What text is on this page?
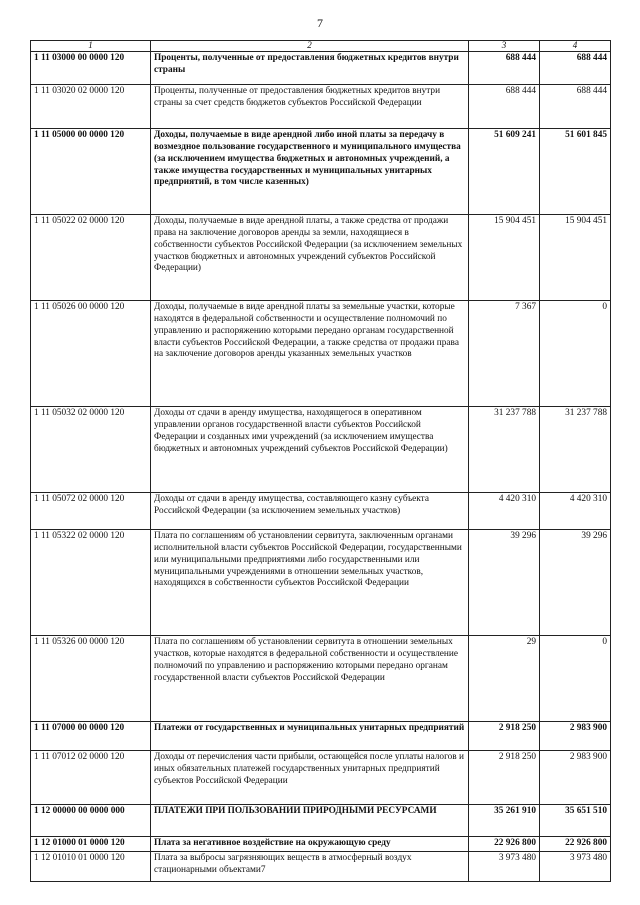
7
1	2	3	4
1 11 03000 00 0000 120	Проценты, полученные от предоставления бюджетных кредитов внутри страны	688 444	688 444
1 11 03020 02 0000 120	Проценты, полученные от предоставления бюджетных кредитов внутри страны за счет средств бюджетов субъектов Российской Федерации	688 444	688 444
1 11 05000 00 0000 120	Доходы, получаемые в виде арендной либо иной платы за передачу в возмездное пользование государственного и муниципального имущества (за исключением имущества бюджетных и автономных учреждений, а также имущества государственных и муниципальных унитарных предприятий, в том числе казенных)	51 609 241	51 601 845
1 11 05022 02 0000 120	Доходы, получаемые в виде арендной платы, а также средства от продажи права на заключение договоров аренды за земли, находящиеся в собственности субъектов Российской Федерации (за исключением земельных участков бюджетных и автономных учреждений субъектов Российской Федерации)	15 904 451	15 904 451
1 11 05026 00 0000 120	Доходы, получаемые в виде арендной платы за земельные участки, которые находятся в федеральной собственности и осуществление полномочий по управлению и распоряжению которыми передано органам государственной власти субъектов Российской Федерации, а также средства от продажи права на заключение договоров аренды указанных земельных участков	7 367	0
1 11 05032 02 0000 120	Доходы от сдачи в аренду имущества, находящегося в оперативном управлении органов государственной власти субъектов Российской Федерации и созданных ими учреждений (за исключением имущества бюджетных и автономных учреждений субъектов Российской Федерации)	31 237 788	31 237 788
1 11 05072 02 0000 120	Доходы от сдачи в аренду имущества, составляющего казну субъекта Российской Федерации (за исключением земельных участков)	4 420 310	4 420 310
1 11 05322 02 0000 120	Плата по соглашениям об установлении сервитута, заключенным органами исполнительной власти субъектов Российской Федерации, государственными или муниципальными предприятиями либо государственными или муниципальными учреждениями в отношении земельных участков, находящихся в собственности субъектов Российской Федерации	39 296	39 296
1 11 05326 00 0000 120	Плата по соглашениям об установлении сервитута в отношении земельных участков, которые находятся в федеральной собственности и осуществление полномочий по управлению и распоряжению которыми передано органам государственной власти субъектов Российской Федерации	29	0
1 11 07000 00 0000 120	Платежи от государственных и муниципальных унитарных предприятий	2 918 250	2 983 900
1 11 07012 02 0000 120	Доходы от перечисления части прибыли, остающейся после уплаты налогов и иных обязательных платежей государственных унитарных предприятий субъектов Российской Федерации	2 918 250	2 983 900
1 12 00000 00 0000 000	ПЛАТЕЖИ ПРИ ПОЛЬЗОВАНИИ ПРИРОДНЫМИ РЕСУРСАМИ	35 261 910	35 651 510
1 12 01000 01 0000 120	Плата за негативное воздействие на окружающую среду	22 926 800	22 926 800
1 12 01010 01 0000 120	Плата за выбросы загрязняющих веществ в атмосферный воздух стационарными объектами7	3 973 480	3 973 480
